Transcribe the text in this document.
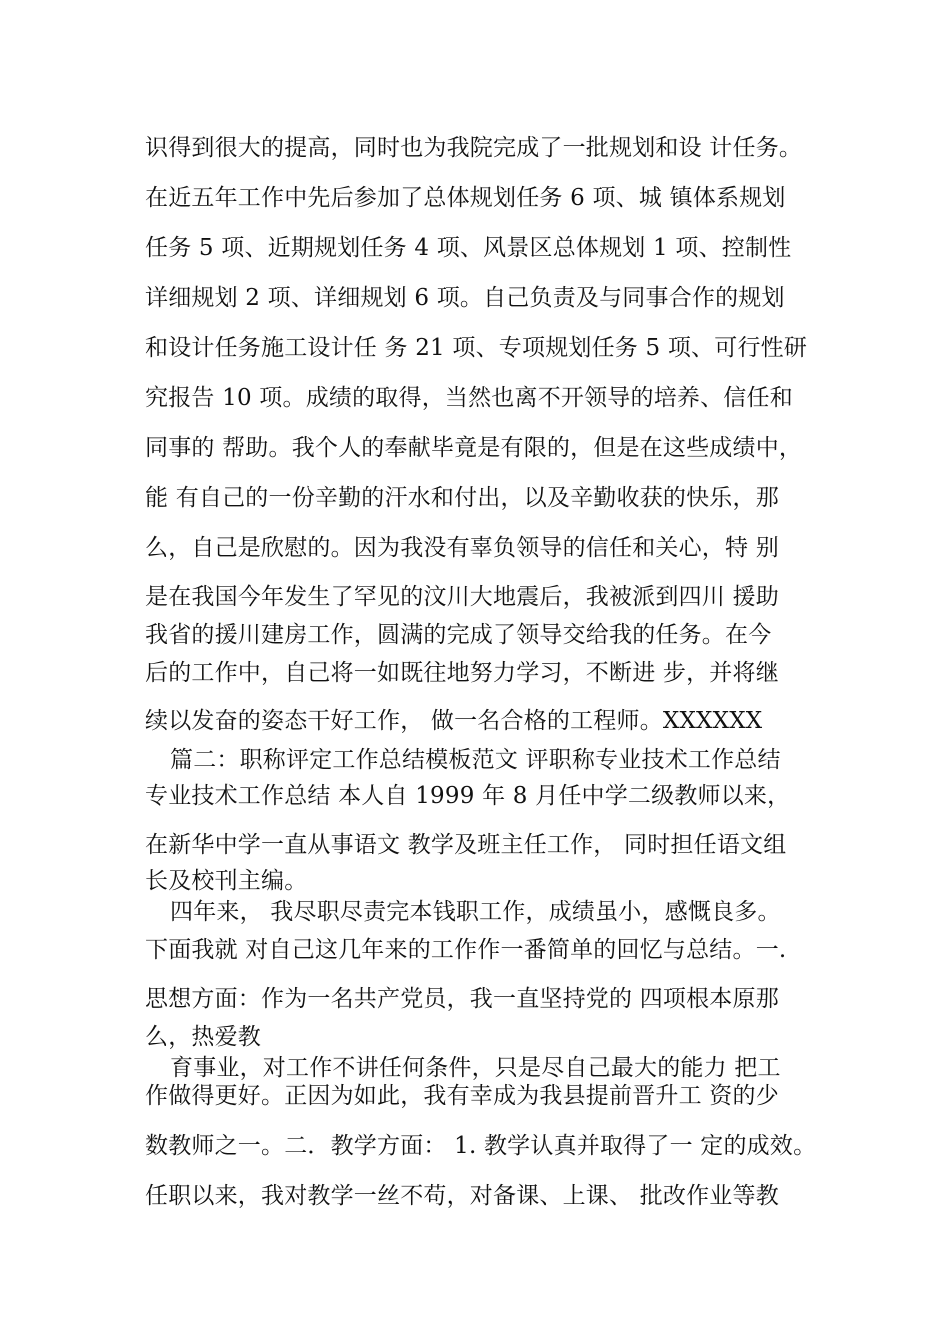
识得到很大的提高，同时也为我院完成了一批规划和设 计任务。
在近五年工作中先后参加了总体规划任务 6 项、城 镇体系规划
任务 5 项、近期规划任务 4 项、风景区总体规划 1 项、控制性
详细规划 2 项、详细规划 6 项。自己负责及与同事合作的规划
和设计任务施工设计任 务 21 项、专项规划任务 5 项、可行性研
究报告 10 项。成绩的取得，当然也离不开领导的培养、信任和
同事的 帮助。我个人的奉献毕竟是有限的，但是在这些成绩中，
能 有自己的一份辛勤的汗水和付出，以及辛勤收获的快乐，那
么，自己是欣慰的。因为我没有辜负领导的信任和关心，特 别
是在我国今年发生了罕见的汶川大地震后，我被派到四川 援助
我省的援川建房工作，圆满的完成了领导交给我的任务。在今
后的工作中，自己将一如既往地努力学习，不断进 步，并将继
续以发奋的姿态干好工作， 做一名合格的工程师。XXXXXX
篇二：职称评定工作总结模板范文 评职称专业技术工作总结
专业技术工作总结 本人自 1999 年 8 月任中学二级教师以来，
在新华中学一直从事语文 教学及班主任工作， 同时担任语文组
长及校刊主编。
四年来， 我尽职尽责完本钱职工作，成绩虽小，感慨良多。
下面我就 对自己这几年来的工作作一番简单的回忆与总结。一.
思想方面：作为一名共产党员，我一直坚持党的 四项根本原那
么，热爱教
育事业，对工作不讲任何条件，只是尽自己最大的能力 把工
作做得更好。正因为如此，我有幸成为我县提前晋升工 资的少
数教师之一。二．教学方面： 1. 教学认真并取得了一 定的成效。
任职以来，我对教学一丝不苟，对备课、上课、 批改作业等教
